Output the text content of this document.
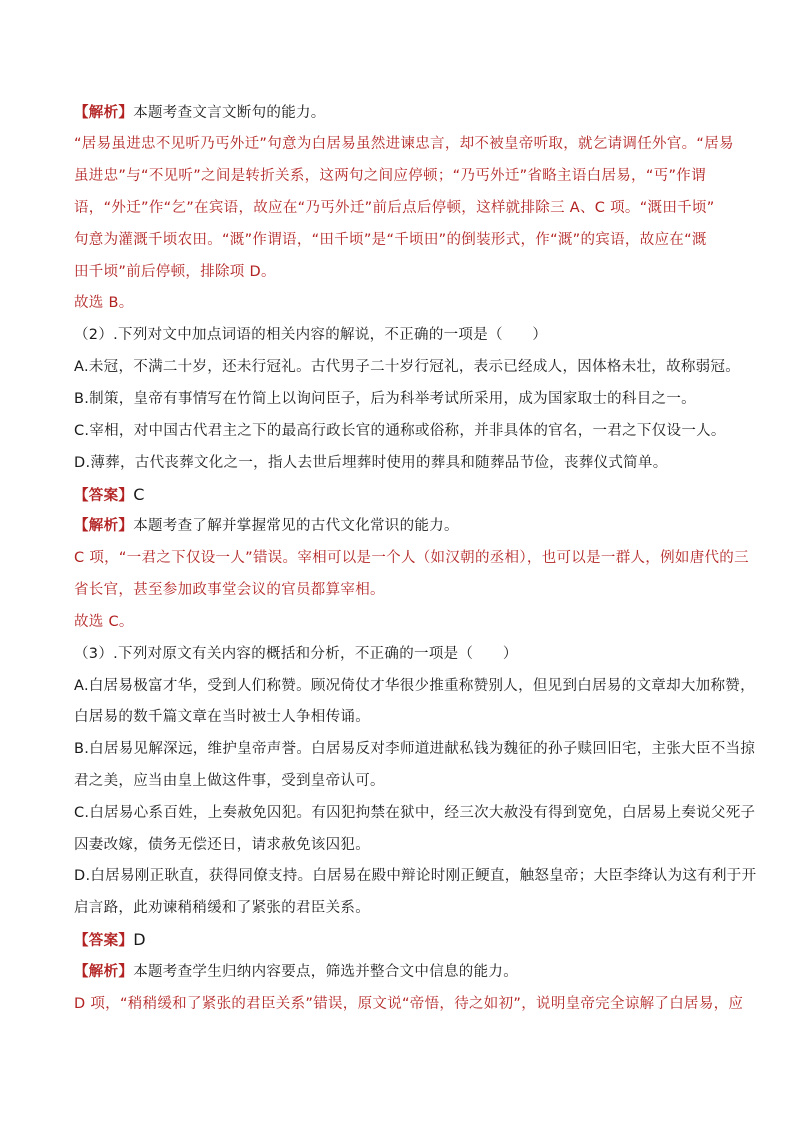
【解析】本题考查文言文断句的能力。
“居易虽进忠不见听乃丐外迁”句意为白居易虽然进谏忠言，却不被皇帝听取，就乞请调任外官。“居易
虽进忠”与“不见听”之间是转折关系，这两句之间应停顿；“乃丐外迁”省略主语白居易，“丐”作谓
语，“外迁”作“乞”在宾语，故应在“乃丐外迁”前后点后停顿，这样就排除三 A、C 项。“溉田千顷”
句意为灌溉千顷农田。“溉”作谓语，“田千顷”是“千顷田”的倒装形式，作“溉”的宾语，故应在“溉
田千顷”前后停顿，排除项 D。
故选 B。
（2）.下列对文中加点词语的相关内容的解说，不正确的一项是（　　）
A.未冠，不满二十岁，还未行冠礼。古代男子二十岁行冠礼，表示已经成人，因体格未壮，故称弱冠。
B.制策，皇帝有事情写在竹简上以询问臣子，后为科举考试所采用，成为国家取士的科目之一。
C.宰相，对中国古代君主之下的最高行政长官的通称或俗称，并非具体的官名，一君之下仅设一人。
D.薄葬，古代丧葬文化之一，指人去世后埋葬时使用的葬具和随葬品节俭，丧葬仪式简单。
【答案】C
【解析】本题考查了解并掌握常见的古代文化常识的能力。
C 项，“一君之下仅设一人”错误。宰相可以是一个人（如汉朝的丞相），也可以是一群人，例如唐代的三
省长官，甚至参加政事堂会议的官员都算宰相。
故选 C。
（3）.下列对原文有关内容的概括和分析，不正确的一项是（　　）
A.白居易极富才华，受到人们称赞。顾况倚仗才华很少推重称赞别人，但见到白居易的文章却大加称赞，
白居易的数千篇文章在当时被士人争相传诵。
B.白居易见解深远，维护皇帝声誉。白居易反对李师道进献私钱为魏征的孙子赎回旧宅，主张大臣不当掠
君之美，应当由皇上做这件事，受到皇帝认可。
C.白居易心系百姓，上奏赦免囚犯。有囚犯拘禁在狱中，经三次大赦没有得到宽免，白居易上奏说父死子
囚妻改嫁，债务无偿还日，请求赦免该囚犯。
D.白居易刚正耿直，获得同僚支持。白居易在殿中辩论时刚正鲠直，触怒皇帝；大臣李绛认为这有利于开
启言路，此劝谏稍稍缓和了紧张的君臣关系。
【答案】D
【解析】本题考查学生归纳内容要点，筛选并整合文中信息的能力。
D 项，“稍稍缓和了紧张的君臣关系”错误，原文说“帝悟，待之如初”，说明皇帝完全谅解了白居易，应
